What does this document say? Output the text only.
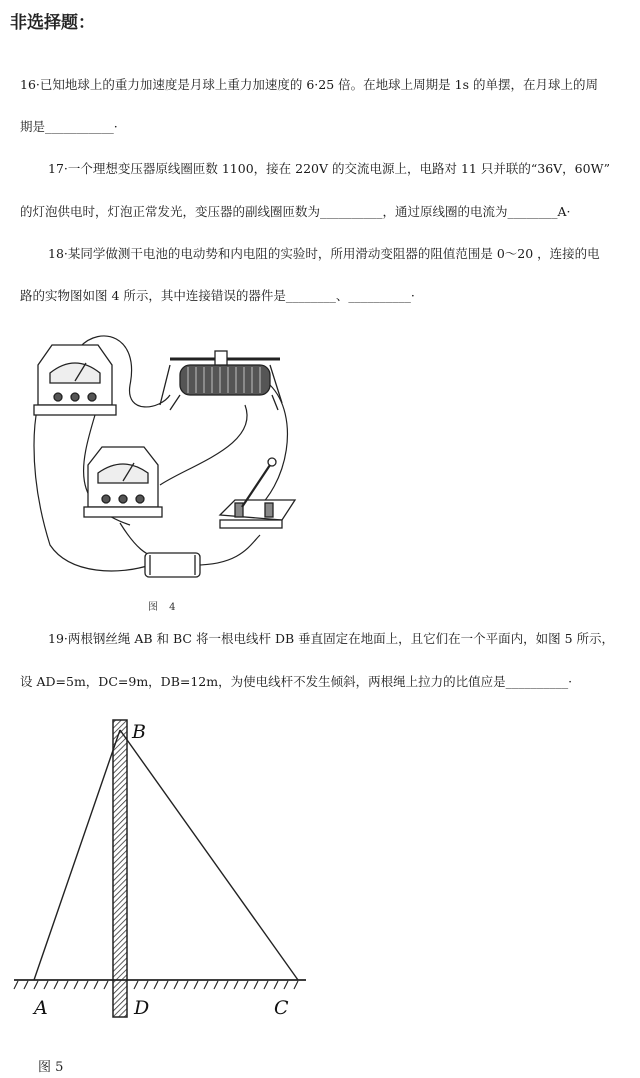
非选择题：
16·已知地球上的重力加速度是月球上重力加速度的 6·25 倍。在地球上周期是 1s 的单摆，在月球上的周
期是___________·
17·一个理想变压器原线圈匝数 1100，接在 220V 的交流电源上，电路对 11 只并联的“36V，60W”
的灯泡供电时，灯泡正常发光，变压器的副线圈匝数为__________，通过原线圈的电流为________A·
18·某同学做测干电池的电动势和内电阻的实验时，所用滑动变阻器的阻值范围是 0～20 ，连接的电
路的实物图如图 4 所示，其中连接错误的器件是________、__________·
图 4
19·两根钢丝绳 AB 和 BC 将一根电线杆 DB 垂直固定在地面上，且它们在一个平面内，如图 5 所示，
设 AD=5m，DC=9m，DB=12m，为使电线杆不发生倾斜，两根绳上拉力的比值应是__________·
B
A	D	C
图 5
